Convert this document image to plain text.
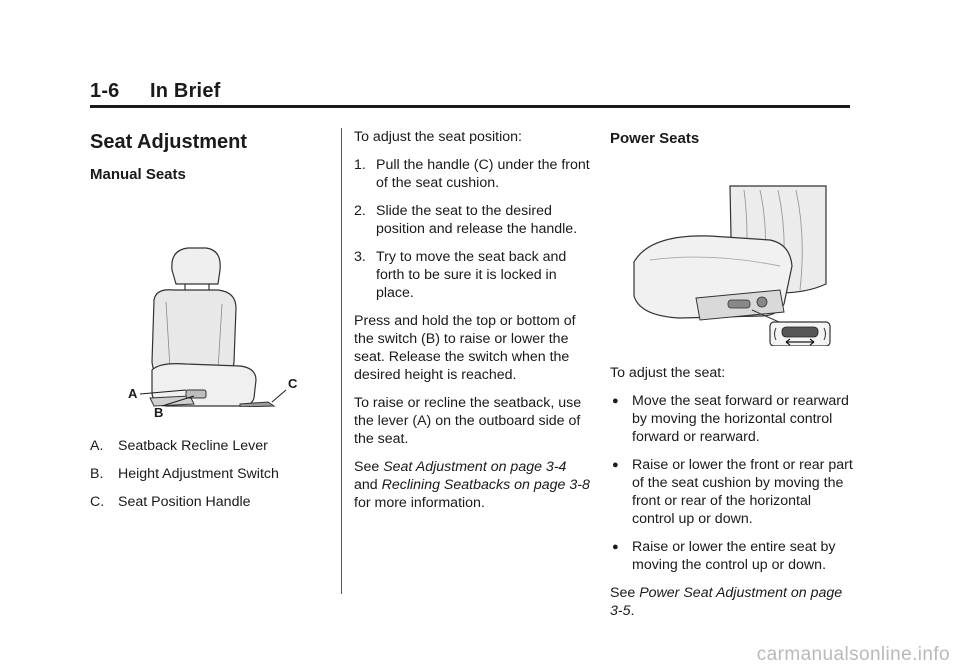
1-6 In Brief
Seat Adjustment
Manual Seats
A
C
B
A.	Seatback Recline Lever
B.	Height Adjustment Switch
C. Seat Position Handle
To adjust the seat position:
1. Pull the handle (C) under the front of the seat cushion.
2. Slide the seat to the desired position and release the handle.
3. Try to move the seat back and forth to be sure it is locked in place.
Press and hold the top or bottom of the switch (B) to raise or lower the seat. Release the switch when the desired height is reached.
To raise or recline the seatback, use the lever (A) on the outboard side of the seat.
See Seat Adjustment on page 3-4 and Reclining Seatbacks on page 3-8 for more information.
Power Seats
To adjust the seat:
● Move the seat forward or rearward by moving the horizontal control forward or rearward.
● Raise or lower the front or rear part of the seat cushion by moving the front or rear of the horizontal control up or down.
● Raise or lower the entire seat by moving the control up or down.
See Power Seat Adjustment on page 3-5.
carmanualsonline.info
